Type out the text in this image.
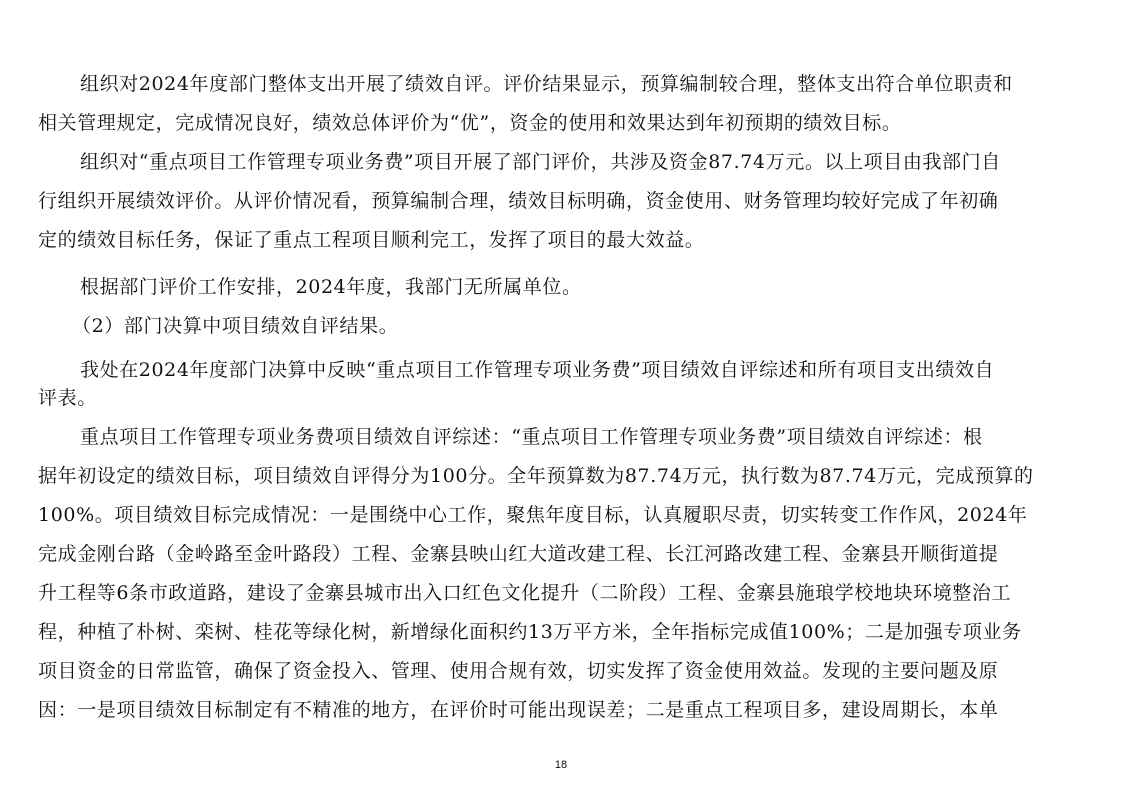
组织对2024年度部门整体支出开展了绩效自评。评价结果显示，预算编制较合理，整体支出符合单位职责和
相关管理规定，完成情况良好，绩效总体评价为“优”，资金的使用和效果达到年初预期的绩效目标。
组织对“重点项目工作管理专项业务费”项目开展了部门评价，共涉及资金87.74万元。以上项目由我部门自
行组织开展绩效评价。从评价情况看，预算编制合理，绩效目标明确，资金使用、财务管理均较好完成了年初确
定的绩效目标任务，保证了重点工程项目顺利完工，发挥了项目的最大效益。
根据部门评价工作安排，2024年度，我部门无所属单位。
（2）部门决算中项目绩效自评结果。
我处在2024年度部门决算中反映“重点项目工作管理专项业务费”项目绩效自评综述和所有项目支出绩效自
评表。
重点项目工作管理专项业务费项目绩效自评综述：“重点项目工作管理专项业务费”项目绩效自评综述：根
据年初设定的绩效目标，项目绩效自评得分为100分。全年预算数为87.74万元，执行数为87.74万元，完成预算的
100%。项目绩效目标完成情况：一是围绕中心工作，聚焦年度目标，认真履职尽责，切实转变工作作风，2024年
完成金刚台路（金岭路至金叶路段）工程、金寨县映山红大道改建工程、长江河路改建工程、金寨县开顺街道提
升工程等6条市政道路，建设了金寨县城市出入口红色文化提升（二阶段）工程、金寨县施琅学校地块环境整治工
程，种植了朴树、栾树、桂花等绿化树，新增绿化面积约13万平方米，全年指标完成值100%；二是加强专项业务
项目资金的日常监管，确保了资金投入、管理、使用合规有效，切实发挥了资金使用效益。发现的主要问题及原
因：一是项目绩效目标制定有不精准的地方，在评价时可能出现误差；二是重点工程项目多，建设周期长，本单
18
